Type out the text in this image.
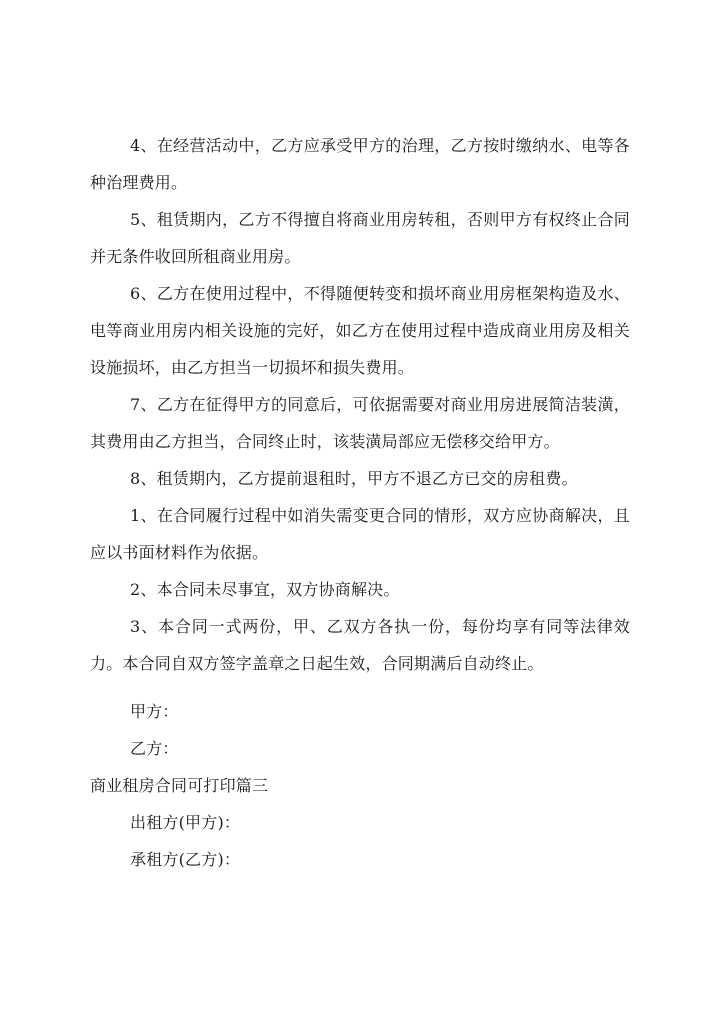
4、在经营活动中，乙方应承受甲方的治理，乙方按时缴纳水、电等各种治理费用。
5、租赁期内，乙方不得擅自将商业用房转租，否则甲方有权终止合同并无条件收回所租商业用房。
6、乙方在使用过程中，不得随便转变和损坏商业用房框架构造及水、电等商业用房内相关设施的完好，如乙方在使用过程中造成商业用房及相关设施损坏，由乙方担当一切损坏和损失费用。
7、乙方在征得甲方的同意后，可依据需要对商业用房进展简洁装潢，其费用由乙方担当，合同终止时，该装潢局部应无偿移交给甲方。
8、租赁期内，乙方提前退租时，甲方不退乙方已交的房租费。
1、在合同履行过程中如消失需变更合同的情形，双方应协商解决，且应以书面材料作为依据。
2、本合同未尽事宜，双方协商解决。
3、本合同一式两份，甲、乙双方各执一份，每份均享有同等法律效力。本合同自双方签字盖章之日起生效，合同期满后自动终止。
甲方：
乙方：
商业租房合同可打印篇三
出租方(甲方)：
承租方(乙方)：
